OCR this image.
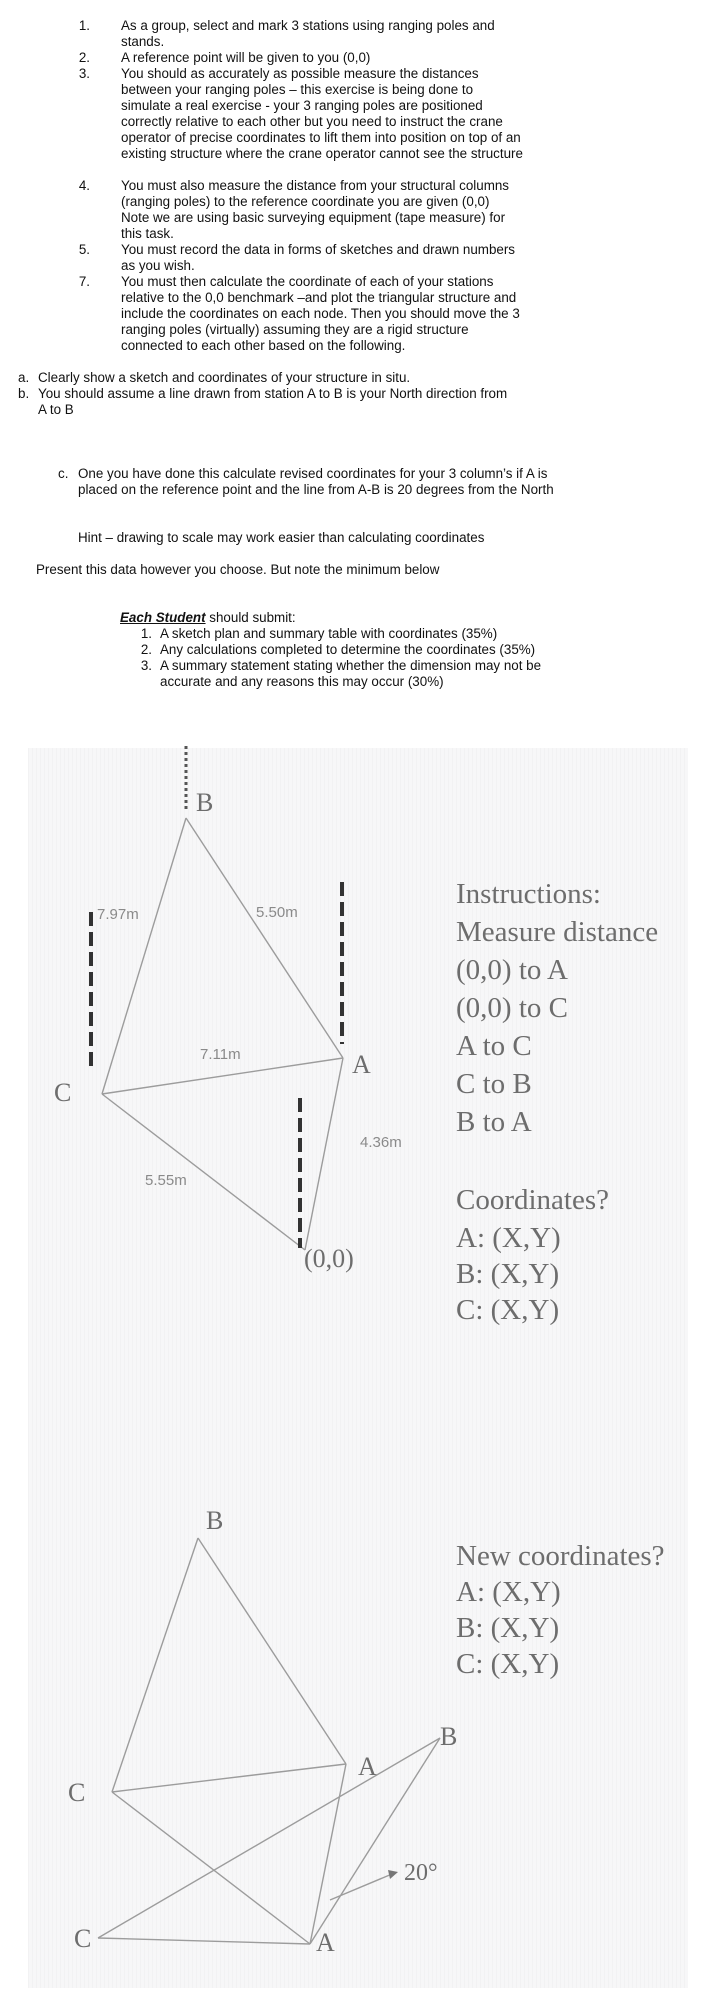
1. As a group, select and mark 3 stations using ranging poles and stands.
2. A reference point will be given to you (0,0)
3. You should as accurately as possible measure the distances between your ranging poles – this exercise is being done to simulate a real exercise - your 3 ranging poles are positioned correctly relative to each other but you need to instruct the crane operator of precise coordinates to lift them into position on top of an existing structure where the crane operator cannot see the structure
4. You must also measure the distance from your structural columns (ranging poles) to the reference coordinate you are given (0,0) Note we are using basic surveying equipment (tape measure) for this task.
5. You must record the data in forms of sketches and drawn numbers as you wish.
7. You must then calculate the coordinate of each of your stations relative to the 0,0 benchmark –and plot the triangular structure and include the coordinates on each node. Then you should move the 3 ranging poles (virtually) assuming they are a rigid structure connected to each other based on the following.
a. Clearly show a sketch and coordinates of your structure in situ.
b. You should assume a line drawn from station A to B is your North direction from A to B
c. One you have done this calculate revised coordinates for your 3 column’s if A is placed on the reference point and the line from A-B is 20 degrees from the North
Hint – drawing to scale may work easier than calculating coordinates
Present this data however you choose. But note the minimum below
Each Student should submit:
1. A sketch plan and summary table with coordinates (35%)
2. Any calculations completed to determine the coordinates (35%)
3. A summary statement stating whether the dimension may not be accurate and any reasons this may occur (30%)
B
A
C
(0,0)
7.97m	5.50m
7.11m
4.36m
5.55m
Instructions:
Measure distance
(0,0) to A
(0,0) to C
A to C
C to B
B to A
Coordinates?
A: (X,Y)
B: (X,Y)
C: (X,Y)
B
C
A
B
C	A
20°
New coordinates?
A: (X,Y)
B: (X,Y)
C: (X,Y)
